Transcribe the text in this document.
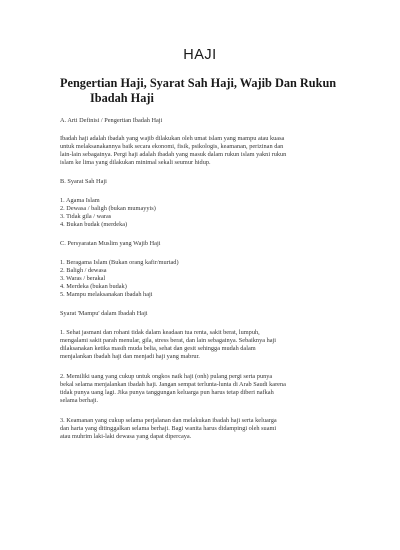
HAJI
Pengertian Haji, Syarat Sah Haji, Wajib Dan Rukun
Ibadah Haji
A. Arti Definisi / Pengertian Ibadah Haji
Ibadah haji adalah ibadah yang wajib dilakukan oleh umat islam yang mampu atau kuasa
untuk melaksanakannya baik secara ekonomi, fisik, psikologis, keamanan, perizinan dan
lain-lain sebagainya. Pergi haji adalah ibadah yang masuk dalam rukun islam yakni rukun
islam ke lima yang dilakukan minimal sekali seumur hidup.
B. Syarat Sah Haji
1. Agama Islam
2. Dewasa / baligh (bukan mumayyis)
3. Tidak gila / waras
4. Bukan budak (merdeka)
C. Persyaratan Muslim yang Wajib Haji
1. Beragama Islam (Bukan orang kafir/murtad)
2. Baligh / dewasa
3. Waras / berakal
4. Merdeka (bukan budak)
5. Mampu melaksanakan ibadah haji
Syarat 'Mampu' dalam Ibadah Haji
1. Sehat jasmani dan rohani tidak dalam keadaan tua renta, sakit berat, lumpuh,
mengalami sakit parah menular, gila, stress berat, dan lain sebagainya. Sebaiknya haji
dilaksanakan ketika masih muda belia, sehat dan gesit sehingga mudah dalam
menjalankan ibadah haji dan menjadi haji yang mabrur.
2. Memiliki uang yang cukup untuk ongkos naik haji (onh) pulang pergi serta punya
bekal selama menjalankan ibadah haji. Jangan sempat terlunta-lunta di Arab Saudi karena
tidak punya uang lagi. Jika punya tanggungan keluarga pun harus tetap diberi nafkah
selama berhaji.
3. Keamanan yang cukup selama perjalanan dan melakukan ibadah haji serta keluarga
dan harta yang ditinggalkan selama berhaji. Bagi wanita harus didampingi oleh suami
atau muhrim laki-laki dewasa yang dapat dipercaya.
